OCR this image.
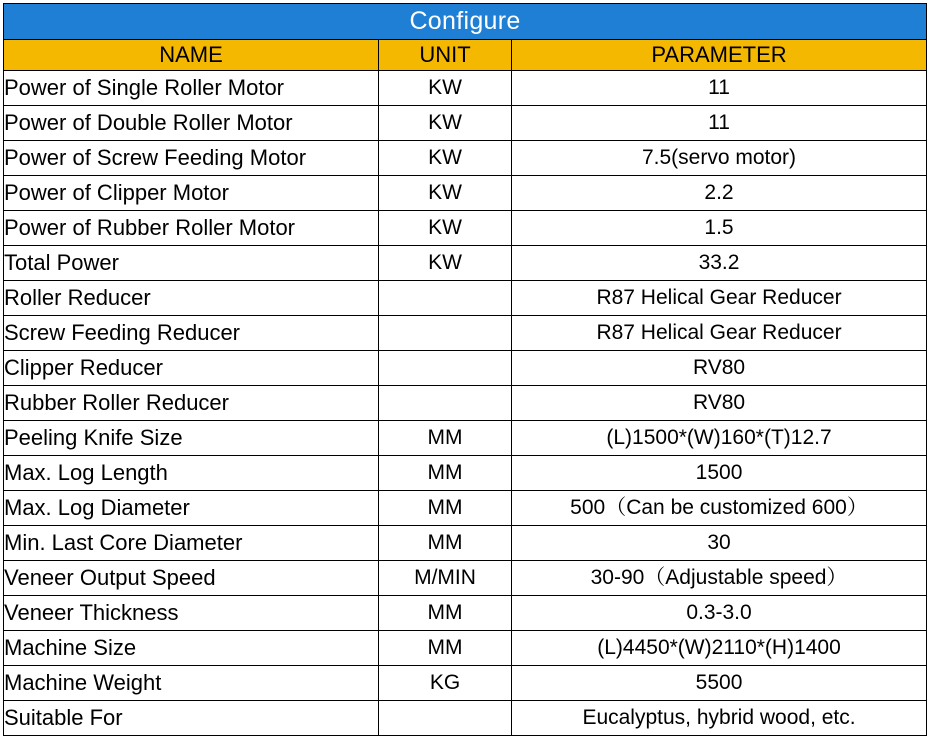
Configure		
NAME	UNIT	PARAMETER
Power of Single Roller Motor	KW	11
Power of Double Roller Motor	KW	11
Power of Screw Feeding Motor	KW	7.5(servo motor)
Power of Clipper Motor	KW	2.2
Power of Rubber Roller Motor	KW	1.5
Total Power	KW	33.2
Roller Reducer		R87 Helical Gear Reducer
Screw Feeding Reducer		R87 Helical Gear Reducer
Clipper Reducer		RV80
Rubber Roller Reducer		RV80
Peeling Knife Size	MM	(L)1500*(W)160*(T)12.7
Max. Log Length	MM	1500
Max. Log Diameter	MM	500（Can be customized 600）
Min. Last Core Diameter	MM	30
Veneer Output Speed	M/MIN	30-90（Adjustable speed）
Veneer Thickness	MM	0.3-3.0
Machine Size	MM	(L)4450*(W)2110*(H)1400
Machine Weight	KG	5500
Suitable For		Eucalyptus, hybrid wood, etc.
